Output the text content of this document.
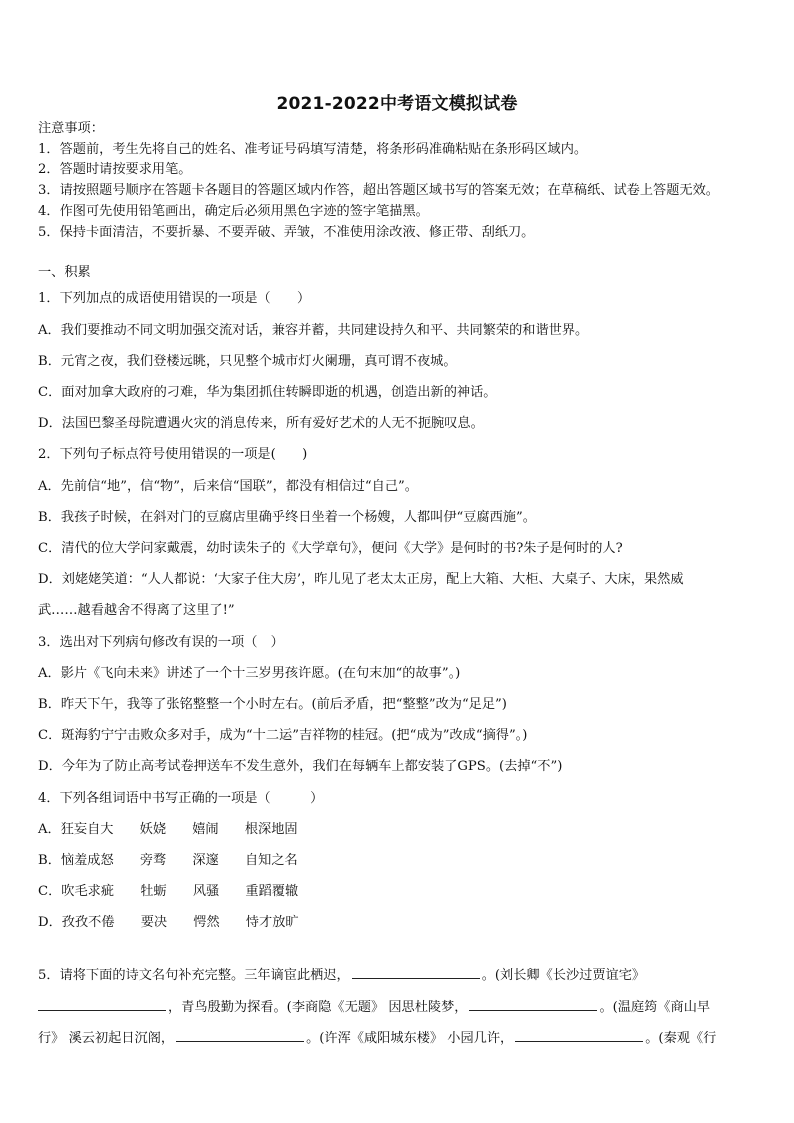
2021-2022中考语文模拟试卷
注意事项：
1．答题前，考生先将自己的姓名、准考证号码填写清楚，将条形码准确粘贴在条形码区域内。
2．答题时请按要求用笔。
3．请按照题号顺序在答题卡各题目的答题区域内作答，超出答题区域书写的答案无效；在草稿纸、试卷上答题无效。
4．作图可先使用铅笔画出，确定后必须用黑色字迹的签字笔描黑。
5．保持卡面清洁，不要折暴、不要弄破、弄皱，不准使用涂改液、修正带、刮纸刀。
一、积累
1．下列加点的成语使用错误的一项是（　　）
A．我们要推动不同文明加强交流对话，兼容并蓄，共同建设持久和平、共同繁荣的和谐世界。
B．元宵之夜，我们登楼远眺，只见整个城市灯火阑珊，真可谓不夜城。
C．面对加拿大政府的刁难，华为集团抓住转瞬即逝的机遇，创造出新的神话。
D．法国巴黎圣母院遭遇火灾的消息传来，所有爱好艺术的人无不扼腕叹息。
2．下列句子标点符号使用错误的一项是(　　)
A．先前信“地”，信“物”，后来信“国联”，都没有相信过“自己”。
B．我孩子时候，在斜对门的豆腐店里确乎终日坐着一个杨嫂，人都叫伊“豆腐西施”。
C．清代的位大学问家戴震，幼时读朱子的《大学章句》，便问《大学》是何时的书?朱子是何时的人?
D．刘姥姥笑道：“人人都说：‘大家子住大房’，昨儿见了老太太正房，配上大箱、大柜、大桌子、大床，果然威
武……越看越舍不得离了这里了!”
3．选出对下列病句修改有误的一项（　）
A．影片《飞向未来》讲述了一个十三岁男孩许愿。(在句末加“的故事”。)
B．昨天下午，我等了张铭整整一个小时左右。(前后矛盾，把“整整”改为“足足”)
C．斑海豹宁宁击败众多对手，成为“十二运”吉祥物的桂冠。(把“成为”改成“摘得”。)
D．今年为了防止高考试卷押送车不发生意外，我们在每辆车上都安装了GPS。(去掉“不”)
4．下列各组词语中书写正确的一项是（　　　）
A．狂妄自大 妖娆 嬉闹 根深地固
B．恼羞成怒 旁骛 深邃 自知之名
C．吹毛求疵 牡蛎 风骚 重蹈覆辙
D．孜孜不倦 要决 愕然 恃才放旷
5．请将下面的诗文名句补充完整。三年谪宦此栖迟，	。(刘长卿《长沙过贾谊宅》
，青鸟殷勤为探看。(李商隐《无题》 因思杜陵梦，	。(温庭筠《商山早
行》 溪云初起日沉阁，	。(许浑《咸阳城东楼》 小园几许，	。(秦观《行
